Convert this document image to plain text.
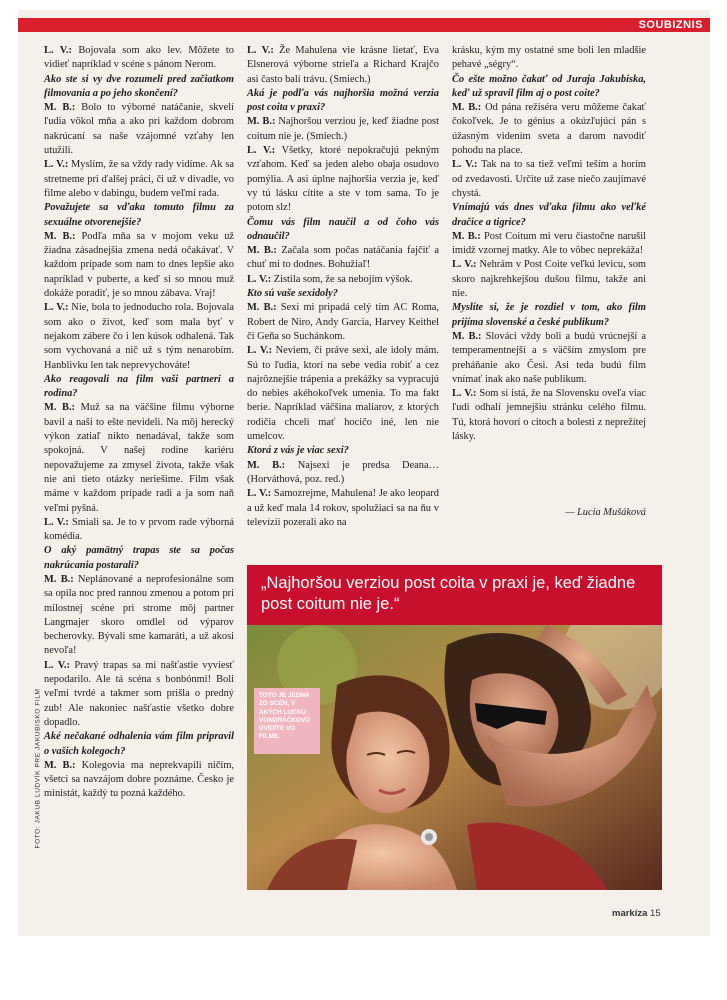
SOUBIZNIS

L. V.: Bojovala som ako lev. Môžete to vidieť napríklad v scéne s pánom Nerom.

Ako ste si vy dve rozumeli pred začiatkom filmovania a po jeho skončení?

M. B.: Bolo to výborné natáčanie, skvelí ľudia vôkol mňa a ako pri každom dobrom nakrúcaní sa naše vzájomné vzťahy len utužili.

L. V.: Myslím, že sa vždy rady vidíme. Ak sa stretneme pri ďalšej práci, či už v divadle, vo filme alebo v dabingu, budem veľmi rada.

Považujete sa vďaka tomuto filmu za sexuálne otvorenejšie?

M. B.: Podľa mňa sa v mojom veku už žiadna zásadnejšia zmena nedá očakávať. V každom prípade som nam to dnes lepšie ako napríklad v puberte, a keď si so mnou muž dokáže poradiť, je so mnou zábava. Vraj!

L. V.: Nie, bola to jednoducho rola. Bojovala som ako o život, keď som mala byť v nejakom zábere čo i len kúsok odhalená. Tak som vychovaná a nič už s tým nenarobím. Hanblivku len tak neprevychováte!

Ako reagovali na film vaši partneri a rodina?

M. B.: Muž sa na väčšine filmu výborne bavil a naši to ešte nevideli. Na môj herecký výkon zatiaľ nikto nenadával, takže som spokojná. V našej rodine kariéru nepovažujeme za zmysel života, takže však nie ani tieto otázky neriešime. Film však máme v každom prípade radi a ja som naň veľmi pyšná.

L. V.: Smiali sa. Je to v prvom rade výborná komédia.

O aký pamätný trapas ste sa počas nakrúcania postarali?

M. B.: Neplánované a neprofesionálne som sa opila noc pred rannou zmenou a potom pri milostnej scéne pri strome môj partner Langmajer skoro omdlel od výparov becherovky. Bývali sme kamaráti, a už akosi nevoľa!

L. V.: Pravý trapas sa mi našťastie vyviesť nepodarilo. Ale tá scéna s bonbónmi! Boli veľmi tvrdé a takmer som prišla o predný zub! Ale nakoniec našťastie všetko dobre dopadlo.

Aké nečakané odhalenia vám film pripravil o vašich kolegoch?

M. B.: Kolegovia ma neprekvapili ničím, všetci sa navzájom dobre poznáme. Česko je ministát, každý tu pozná každého.

L. V.: Že Mahulena vie krásne lietať, Eva Elsnerová výborne strieľa a Richard Krajčo asi často balí trávu. (Smiech.)

Aká je podľa vás najhoršia možná verzia post coita v praxi?

M. B.: Najhoršou verziou je, keď žiadne post coitum nie je. (Smiech.)

L. V.: Všetky, ktoré nepokračujú pekným vzťahom. Keď sa jeden alebo obaja osudovo pomýlia. A asi úplne najhoršia verzia je, keď vy tú lásku cítite a ste v tom sama. To je potom slz!

Čomu vás film naučil a od čoho vás odnaučil?

M. B.: Začala som počas natáčania fajčiť a chuť mi to dodnes. Bohužiaľ!

L. V.: Zistila som, že sa nebojím výšok.

Kto sú vaše sexidoly?

M. B.: Sexi mi pripadá celý tím AC Roma, Robert de Niro, Andy Garcia, Harvey Keithel či Geňa so Suchánkom.

L. V.: Neviem, či práve sexi, ale idoly mám. Sú to ľudia, ktorí na sebe vedia robiť a cez najrôznejšie trápenia a prekážky sa vypracujú do nebies akéhokoľvek umenia. To ma fakt berie. Napríklad väčšina maliarov, z ktorých rodičia chceli mať hocičo iné, len nie umelcov.

Ktorá z vás je viac sexi?

M. B.: Najsexi je predsa Deana… (Horváthová, poz. red.)

L. V.: Samozrejme, Mahulena! Je ako leopard a už keď mala 14 rokov, spolužiaci sa na ňu v televízii pozerali ako na

krásku, kým my ostatné sme boli len mladšie pehavé „ségry“.

Čo ešte možno čakať od Juraja Jakubiska, keď už spravil film aj o post coite?

M. B.: Od pána režiséra veru môžeme čakať čokoľvek. Je to génius a okúzľujúci pán s úžasným videním sveta a darom navodiť pohodu na place.

L. V.: Tak na to sa tiež veľmi teším a horím od zvedavosti. Určite už zase niečo zaujímavé chystá.

Vnímajú vás dnes vďaka filmu ako veľké dračice a tigrice?

M. B.: Post Coitum mi veru čiastočne narušil imidž vzornej matky. Ale to vôbec neprekáža!

L. V.: Nehrám v Post Coite veľkú levicu, som skoro najkrehkejšou dušou filmu, takže ani nie.

Myslíte si, že je rozdiel v tom, ako film prijíma slovenské a české publikum?

M. B.: Slováci vždy boli a budú vrúcnejší a temperamentnejší a s väčším zmyslom pre preháňanie ako Česi. Asi teda budú film vnímať inak ako naše publikum.

L. V.: Som si istá, že na Slovensku oveľa viac ľudí odhalí jemnejšiu stránku celého filmu. Tú, ktorá hovorí o citoch a bolesti z neprežitej lásky.

— Lucia Mušáková

FOTO: JAKUB LUDVÍK PRE JAKUBISKO FILM
„Najhoršou verziou post coita v praxi je, keď žiadne post coitum nie je.“
TOTO JE JEDNA ZO SCÉN, V AKÝCH LUCKU VONDRÁČKOVÚ UVIDÍTE VO FILME.
markíza 15
